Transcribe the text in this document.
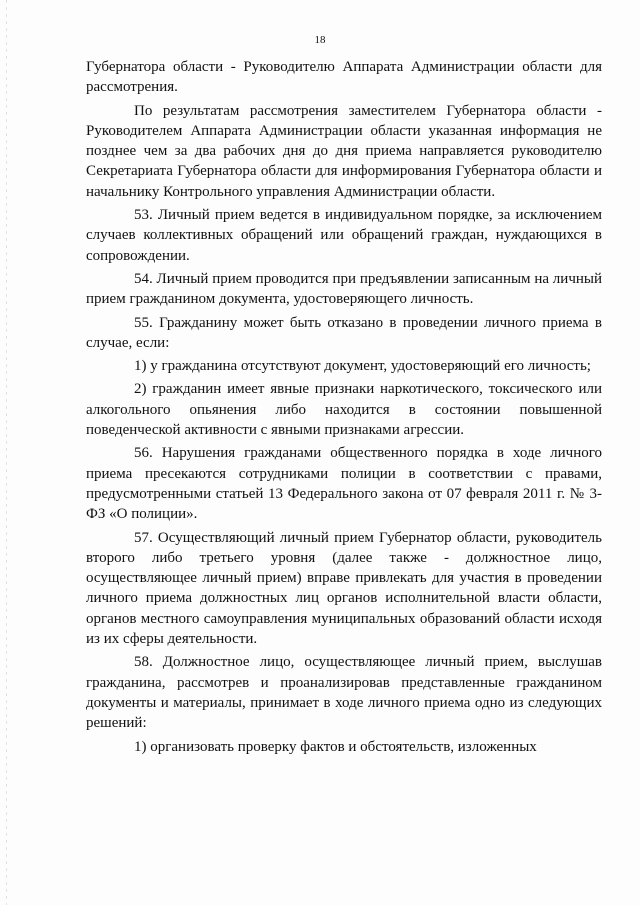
18

Губернатора области - Руководителю Аппарата Администрации области для рассмотрения.

По результатам рассмотрения заместителем Губернатора области - Руководителем Аппарата Администрации области указанная информация не позднее чем за два рабочих дня до дня приема направляется руководителю Секретариата Губернатора области для информирования Губернатора области и начальнику Контрольного управления Администрации области.

53. Личный прием ведется в индивидуальном порядке, за исключением случаев коллективных обращений или обращений граждан, нуждающихся в сопровождении.

54. Личный прием проводится при предъявлении записанным на личный прием гражданином документа, удостоверяющего личность.

55. Гражданину может быть отказано в проведении личного приема в случае, если:

1) у гражданина отсутствуют документ, удостоверяющий его личность;

2) гражданин имеет явные признаки наркотического, токсического или алкогольного опьянения либо находится в состоянии повышенной поведенческой активности с явными признаками агрессии.

56. Нарушения гражданами общественного порядка в ходе личного приема пресекаются сотрудниками полиции в соответствии с правами, предусмотренными статьей 13 Федерального закона от 07 февраля 2011 г. № 3-ФЗ «О полиции».

57. Осуществляющий личный прием Губернатор области, руководитель второго либо третьего уровня (далее также - должностное лицо, осуществляющее личный прием) вправе привлекать для участия в проведении личного приема должностных лиц органов исполнительной власти области, органов местного самоуправления муниципальных образований области исходя из их сферы деятельности.

58. Должностное лицо, осуществляющее личный прием, выслушав гражданина, рассмотрев и проанализировав представленные гражданином документы и материалы, принимает в ходе личного приема одно из следующих решений:

1) организовать проверку фактов и обстоятельств, изложенных
